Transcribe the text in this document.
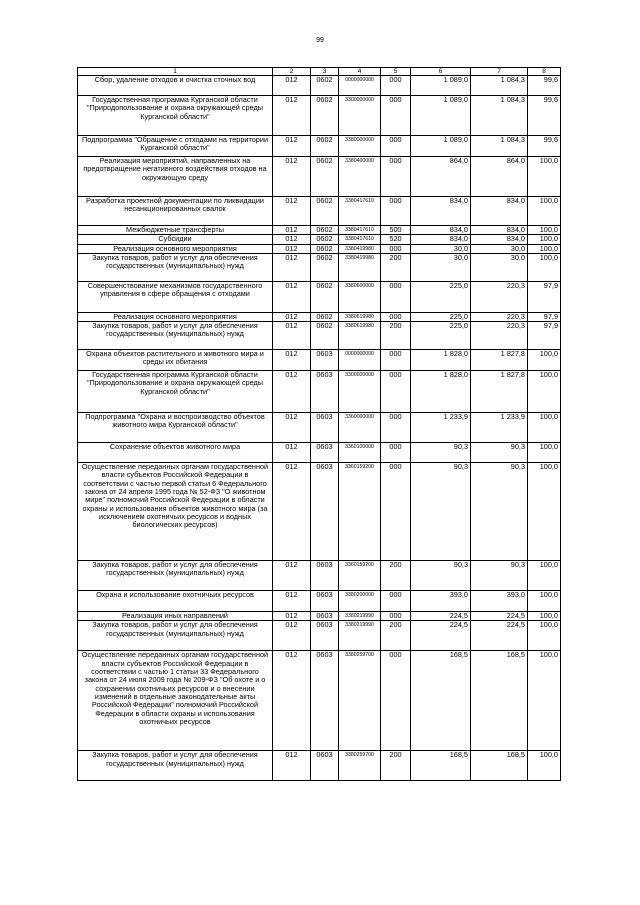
99
1	2	3	4	5	6	7	8
Сбор, удаление отходов и очистка сточных вод	012	0602	0000000000	000	1 089,0	1 084,3	99,6
Государственная программа Курганской области "Природопользование и охрана окружающей среды Курганской области"	012	0602	3300000000	000	1 089,0	1 084,3	99,6
Подпрограмма "Обращение с отходами на территории Курганской области"	012	0602	3380000000	000	1 089,0	1 084,3	99,6
Реализация мероприятий, направленных на предотвращение негативного воздействия отходов на окружающую среду	012	0602	3380400000	000	864,0	864,0	100,0
Разработка проектной документации по ликвидации несанкционированных свалок	012	0602	3380417610	000	834,0	834,0	100,0
Межбюджетные трансферты	012	0602	3380417610	500	834,0	834,0	100,0
Субсидии	012	0602	3380417610	520	834,0	834,0	100,0
Реализация основного мероприятия	012	0602	3380419980	000	30,0	30,0	100,0
Закупка товаров, работ и услуг для обеспечения государственных (муниципальных) нужд	012	0602	3380419980	200	30,0	30,0	100,0
Совершенствование механизмов государственного управления в сфере обращения с отходами	012	0602	3380600000	000	225,0	220,3	97,9
Реализация основного мероприятия	012	0602	3380619980	000	225,0	220,3	97,9
Закупка товаров, работ и услуг для обеспечения государственных (муниципальных) нужд	012	0602	3380619980	200	225,0	220,3	97,9
Охрана объектов растительного и животного мира и среды их обитания	012	0603	0000000000	000	1 828,0	1 827,8	100,0
Государственная программа Курганской области "Природопользование и охрана окружающей среды Курганской области"	012	0603	3300000000	000	1 828,0	1 827,8	100,0
Подпрограмма "Охрана и воспроизводство объектов животного мира Курганской области"	012	0603	3360000000	000	1 233,9	1 233,9	100,0
Сохранение объектов животного мира	012	0603	3360100000	000	90,3	90,3	100,0
Осуществление переданных органам государственной власти субъектов Российской Федерации в соответствии с частью первой статьи 6 Федерального закона от 24 апреля 1995 года № 52-ФЗ "О животном мире" полномочий Российской Федерации в области охраны и использования объектов животного мира (за исключением охотничьих ресурсов и водных биологических ресурсов)	012	0603	3360159200	000	90,3	90,3	100,0
Закупка товаров, работ и услуг для обеспечения государственных (муниципальных) нужд	012	0603	3360159200	200	90,3	90,3	100,0
Охрана и использование охотничьих ресурсов	012	0603	3380200000	000	393,0	393,0	100,0
Реализация иных направлений	012	0603	3380219990	000	224,5	224,5	100,0
Закупка товаров, работ и услуг для обеспечения государственных (муниципальных) нужд	012	0603	3380219990	200	224,5	224,5	100,0
Осуществление переданных органам государственной власти субъектов Российской Федерации в соответствии с частью 1 статьи 33 Федерального закона от 24 июля 2009 года № 209-ФЗ "Об охоте и о сохранении охотничьих ресурсов и о внесении изменений в отдельные законодательные акты Российской Федерации" полномочий Российской Федерации в области охраны и использования охотничьих ресурсов	012	0603	3380259700	000	168,5	168,5	100,0
Закупка товаров, работ и услуг для обеспечения государственных (муниципальных) нужд	012	0603	3380259700	200	168,5	168,5	100,0
